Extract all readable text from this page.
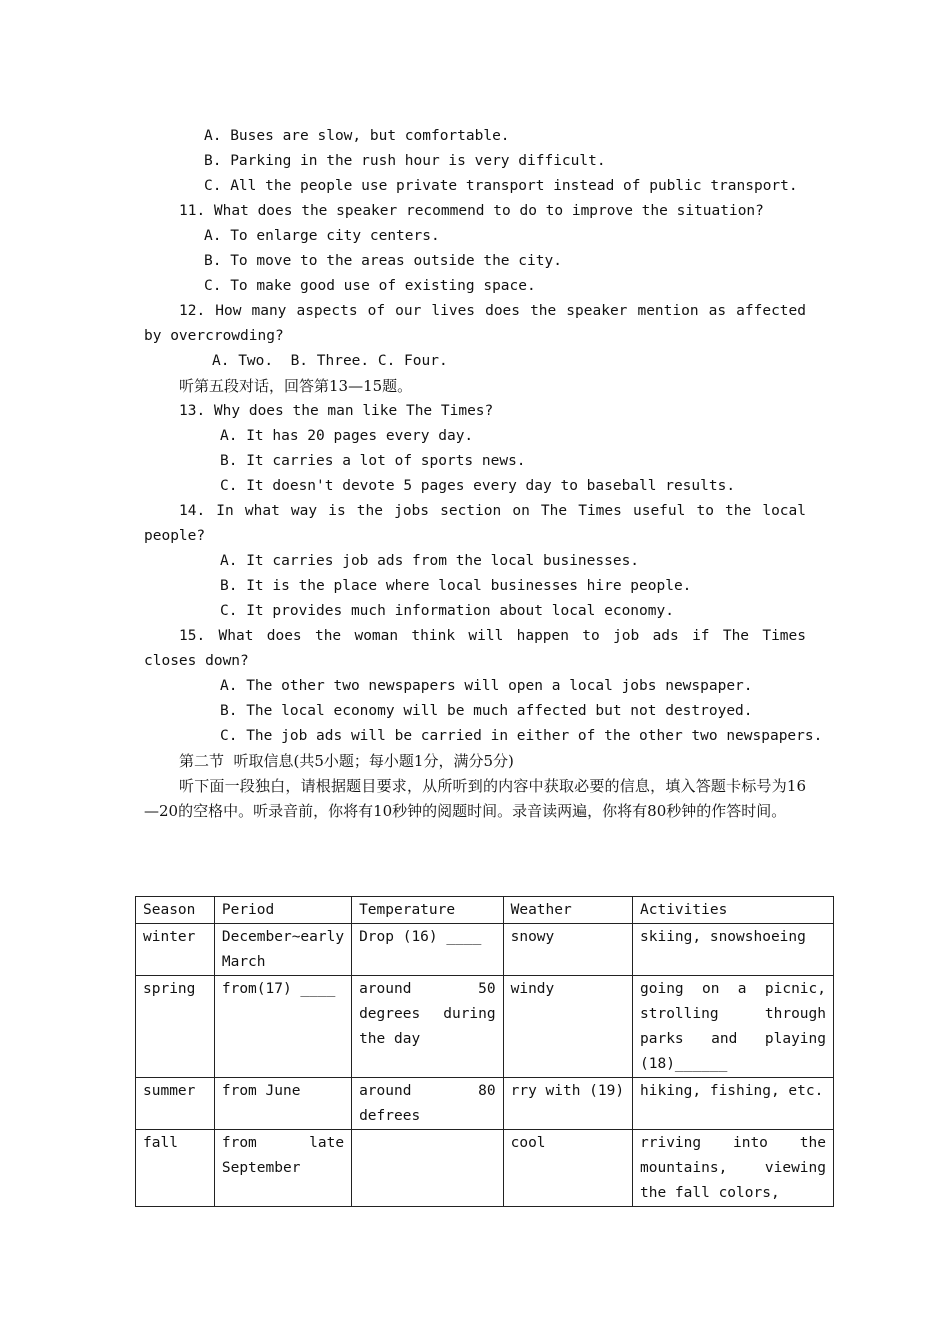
A. Buses are slow, but comfortable.
B. Parking in the rush hour is very difficult.
C. All the people use private transport instead of public transport.
11. What does the speaker recommend to do to improve the situation?
A. To enlarge city centers.
B. To move to the areas outside the city.
C. To make good use of existing space.
12. How many aspects of our lives does the speaker mention as affected by overcrowding?
A. Two.  B. Three. C. Four.
听第五段对话，回答第13—15题。
13. Why does the man like The Times?
A. It has 20 pages every day.
B. It carries a lot of sports news.
C. It doesn't devote 5 pages every day to baseball results.
14. In what way is the jobs section on The Times useful to the local people?
A. It carries job ads from the local businesses.
B. It is the place where local businesses hire people.
C. It provides much information about local economy.
15. What does the woman think will happen to job ads if The Times closes down?
A. The other two newspapers will open a local jobs newspaper.
B. The local economy will be much affected but not destroyed.
C. The job ads will be carried in either of the other two newspapers.
第二节  听取信息(共5小题；每小题1分，满分5分)
听下面一段独白，请根据题目要求，从所听到的内容中获取必要的信息，填入答题卡标号为16—20的空格中。听录音前，你将有10秒钟的阅题时间。录音读两遍，你将有80秒钟的作答时间。
Season	Period	Temperature	Weather	Activities
winter	December~early March	Drop (16) ____	snowy	skiing, snowshoeing
spring	from(17) ____	around 50 degrees during the day	windy	going on a picnic, strolling through parks and playing (18)______
summer	from June	around 80 defrees	rry with (19)	hiking, fishing, etc.
fall	from late September		cool	rriving into the mountains, viewing the fall colors,
